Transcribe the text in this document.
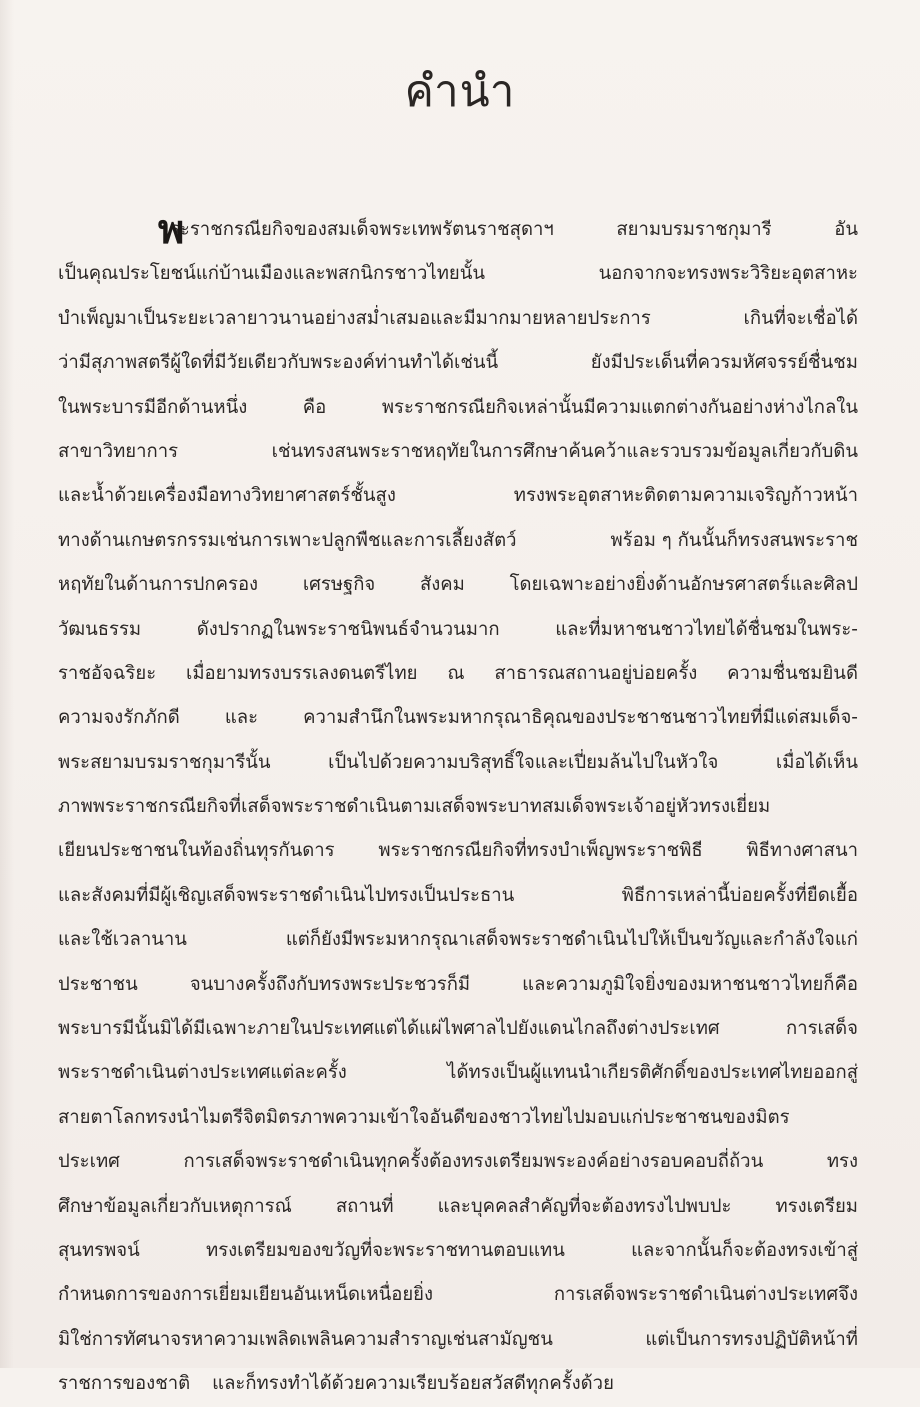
คำนำ
พ
ระราชกรณียกิจของสมเด็จพระเทพรัตนราชสุดาฯ	สยามบรมราชกุมารี	อัน
เป็นคุณประโยชน์แก่บ้านเมืองและพสกนิกรชาวไทยนั้น	นอกจากจะทรงพระวิริยะอุตสาหะ
บำเพ็ญมาเป็นระยะเวลายาวนานอย่างสม่ำเสมอและมีมากมายหลายประการ	เกินที่จะเชื่อได้
ว่ามีสุภาพสตรีผู้ใดที่มีวัยเดียวกับพระองค์ท่านทำได้เช่นนี้	ยังมีประเด็นที่ควรมหัศจรรย์ชื่นชม
ในพระบารมีอีกด้านหนึ่ง	คือ	พระราชกรณียกิจเหล่านั้นมีความแตกต่างกันอย่างห่างไกลใน
สาขาวิทยาการ	เช่นทรงสนพระราชหฤทัยในการศึกษาค้นคว้าและรวบรวมข้อมูลเกี่ยวกับดิน
และน้ำด้วยเครื่องมือทางวิทยาศาสตร์ชั้นสูง	ทรงพระอุตสาหะติดตามความเจริญก้าวหน้า
ทางด้านเกษตรกรรมเช่นการเพาะปลูกพืชและการเลี้ยงสัตว์	พร้อม ๆ กันนั้นก็ทรงสนพระราช
หฤทัยในด้านการปกครอง เศรษฐกิจ สังคม โดยเฉพาะอย่างยิ่งด้านอักษรศาสตร์และศิลป
วัฒนธรรม	ดังปรากฏในพระราชนิพนธ์จำนวนมาก	และที่มหาชนชาวไทยได้ชื่นชมในพระ-
ราชอัจฉริยะ เมื่อยามทรงบรรเลงดนตรีไทย ณ สาธารณสถานอยู่บ่อยครั้ง ความชื่นชมยินดี
ความจงรักภักดี และ ความสำนึกในพระมหากรุณาธิคุณของประชาชนชาวไทยที่มีแด่สมเด็จ-
พระสยามบรมราชกุมารีนั้น	เป็นไปด้วยความบริสุทธิ์ใจและเปี่ยมล้นไปในหัวใจ	เมื่อได้เห็น
ภาพพระราชกรณียกิจที่เสด็จพระราชดำเนินตามเสด็จพระบาทสมเด็จพระเจ้าอยู่หัวทรงเยี่ยม
เยียนประชาชนในท้องถิ่นทุรกันดาร พระราชกรณียกิจที่ทรงบำเพ็ญพระราชพิธี พิธีทางศาสนา
และสังคมที่มีผู้เชิญเสด็จพระราชดำเนินไปทรงเป็นประธาน	พิธีการเหล่านี้บ่อยครั้งที่ยืดเยื้อ
และใช้เวลานาน	แต่ก็ยังมีพระมหากรุณาเสด็จพระราชดำเนินไปให้เป็นขวัญและกำลังใจแก่
ประชาชน	จนบางครั้งถึงกับทรงพระประชวรก็มี	และความภูมิใจยิ่งของมหาชนชาวไทยก็คือ
พระบารมีนั้นมิได้มีเฉพาะภายในประเทศแต่ได้แผ่ไพศาลไปยังแดนไกลถึงต่างประเทศ	การเสด็จ
พระราชดำเนินต่างประเทศแต่ละครั้ง	ได้ทรงเป็นผู้แทนนำเกียรติศักดิ์ของประเทศไทยออกสู่
สายตาโลกทรงนำไมตรีจิตมิตรภาพความเข้าใจอันดีของชาวไทยไปมอบแก่ประชาชนของมิตร
ประเทศ	การเสด็จพระราชดำเนินทุกครั้งต้องทรงเตรียมพระองค์อย่างรอบคอบถี่ถ้วน	ทรง
ศึกษาข้อมูลเกี่ยวกับเหตุการณ์ สถานที่ และบุคคลสำคัญที่จะต้องทรงไปพบปะ ทรงเตรียม
สุนทรพจน์	ทรงเตรียมของขวัญที่จะพระราชทานตอบแทน	และจากนั้นก็จะต้องทรงเข้าสู่
กำหนดการของการเยี่ยมเยียนอันเหน็ดเหนื่อยยิ่ง	การเสด็จพระราชดำเนินต่างประเทศจึง
มิใช่การทัศนาจรหาความเพลิดเพลินความสำราญเช่นสามัญชน	แต่เป็นการทรงปฏิบัติหน้าที่
ราชการของชาติ และก็ทรงทำได้ด้วยความเรียบร้อยสวัสดีทุกครั้งด้วย
